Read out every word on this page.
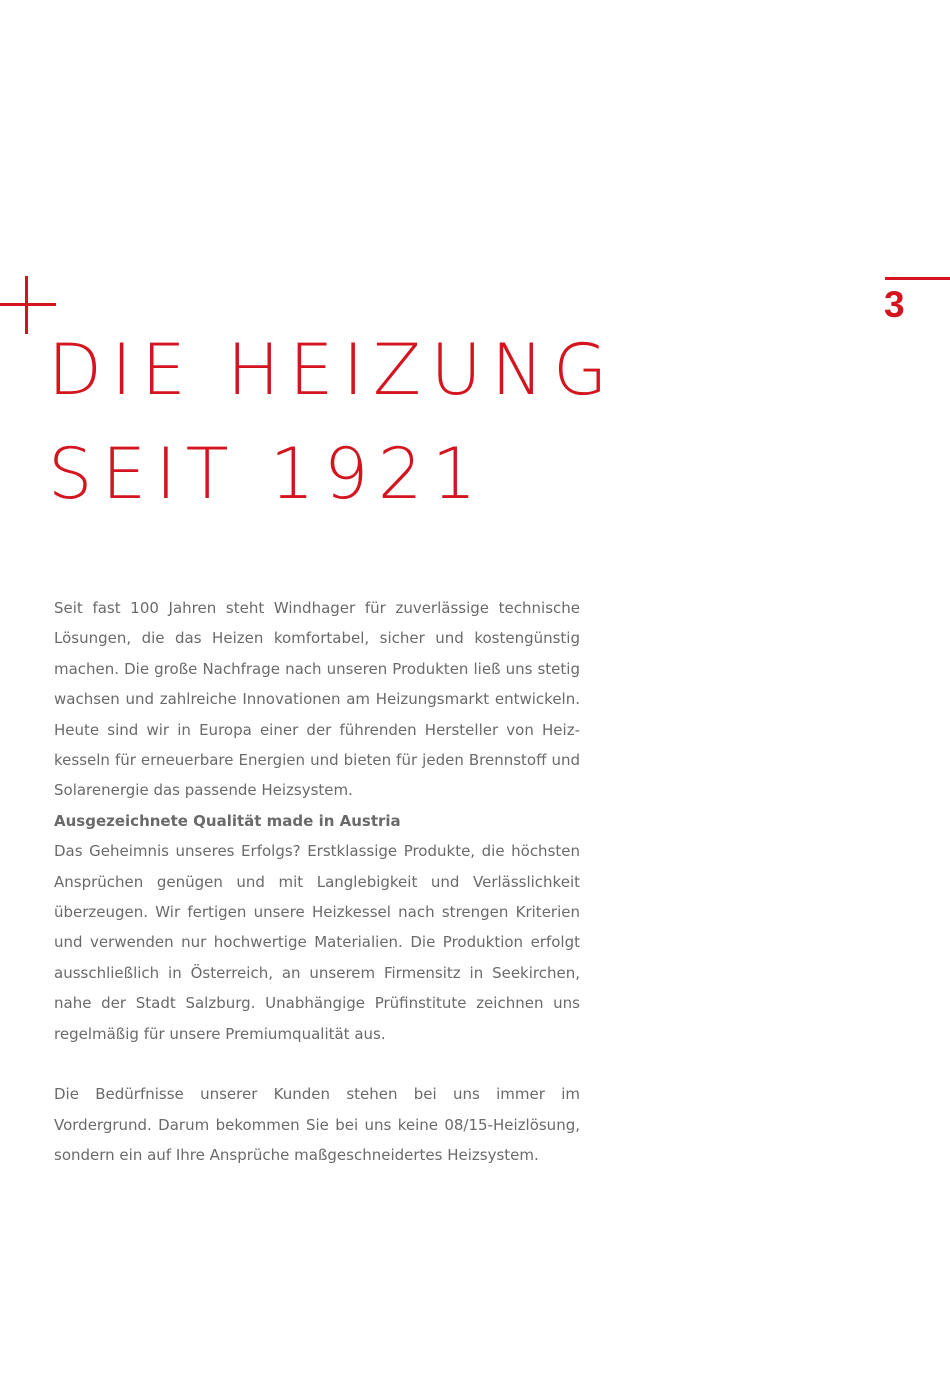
3
DIE HEIZUNG
SEIT 1921

Seit fast 100 Jahren steht Windhager für zuverlässige technische Lösungen, die das Heizen komfortabel, sicher und kostengünstig machen. Die große Nachfrage nach unseren Produkten ließ uns stetig wachsen und zahlreiche Innovationen am Heizungsmarkt entwickeln. Heute sind wir in Europa einer der führenden Hersteller von Heizkesseln für erneuerbare Energien und bieten für jeden Brennstoff und Solarenergie das passende Heizsystem.

Ausgezeichnete Qualität made in Austria

Das Geheimnis unseres Erfolgs? Erstklassige Produkte, die höchsten Ansprüchen genügen und mit Langlebigkeit und Verlässlichkeit überzeugen. Wir fertigen unsere Heizkessel nach strengen Kriterien und verwenden nur hochwertige Materialien. Die Produktion erfolgt ausschließlich in Österreich, an unserem Firmensitz in Seekirchen, nahe der Stadt Salzburg. Unabhängige Prüfinstitute zeichnen uns regelmäßig für unsere Premiumqualität aus.

Die Bedürfnisse unserer Kunden stehen bei uns immer im Vordergrund. Darum bekommen Sie bei uns keine 08/15-Heizlösung, sondern ein auf Ihre Ansprüche maßgeschneidertes Heizsystem.
